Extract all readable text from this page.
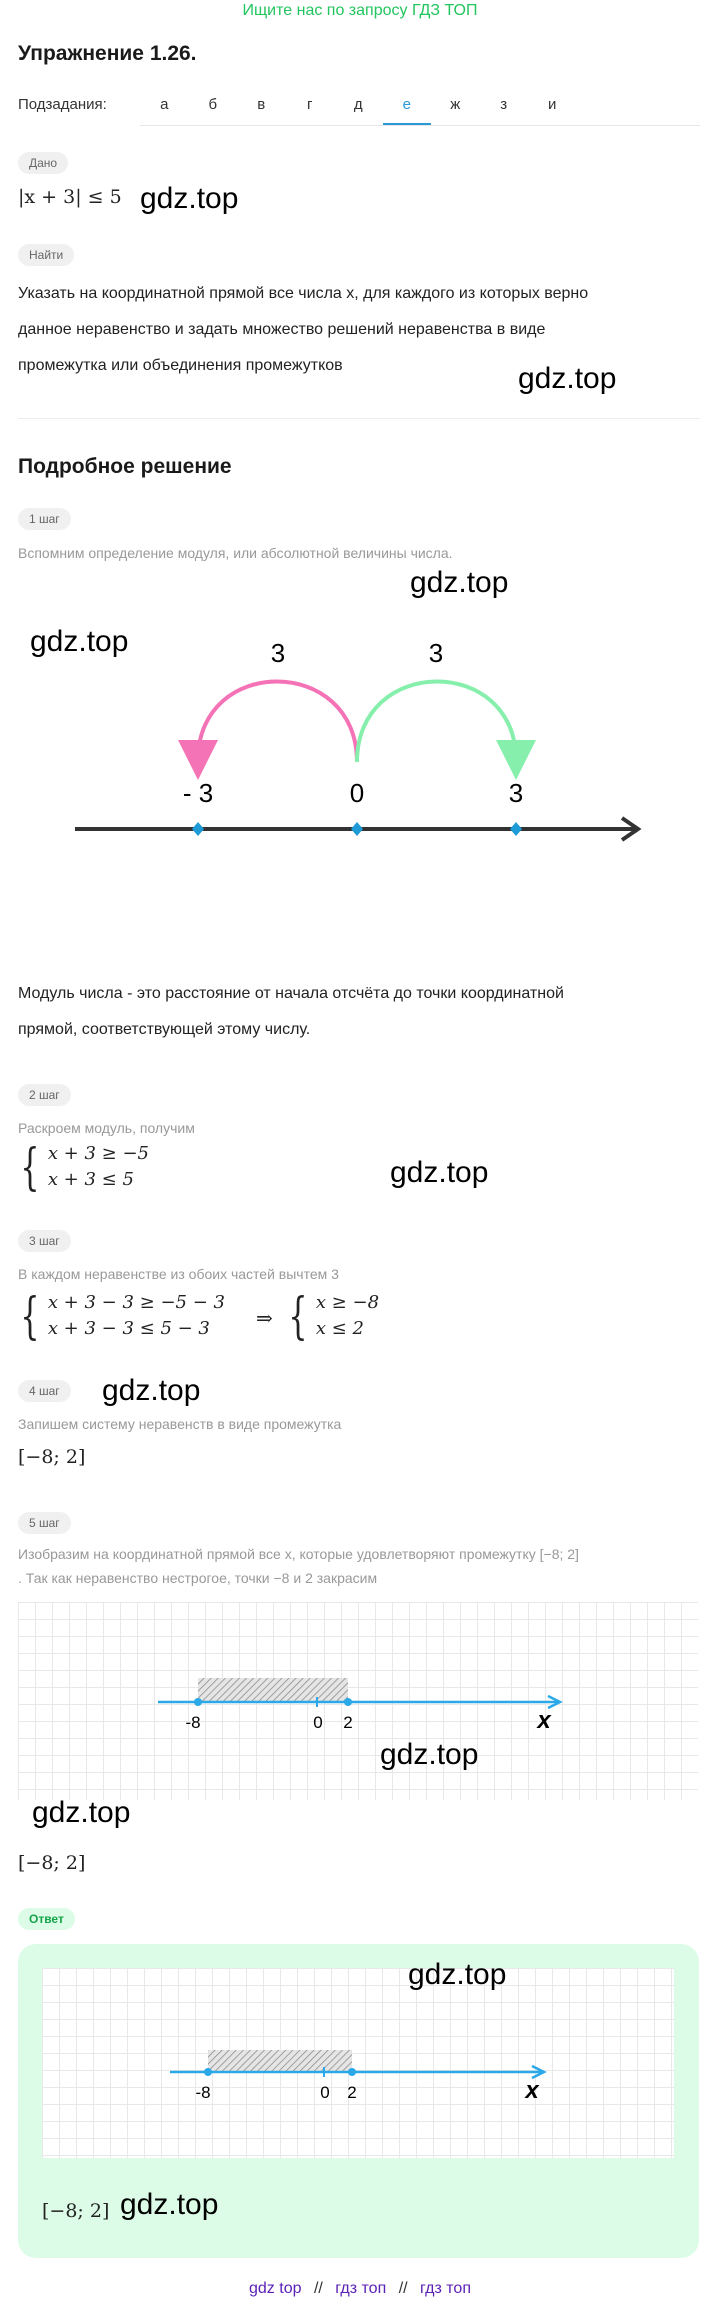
Ищите нас по запросу ГДЗ ТОП
Упражнение 1.26.
Подзадания:	а	б	в	г	д	е	ж	з	и
Дано
|x + 3| ≤ 5 gdz.top
Найти
Указать на координатной прямой все числа x, для каждого из которых верно
данное неравенство и задать множество решений неравенства в виде
промежутка или объединения промежутков	gdz.top
Подробное решение
1 шаг
Вспомним определение модуля, или абсолютной величины числа.
gdz.top
gdz.top	3	3
- 3	0	3
Модуль числа - это расстояние от начала отсчёта до точки координатной
прямой, соответствующей этому числу.
2 шаг
Раскроем модуль, получим
{ x + 3 ≥ −5
x + 3 ≤ 5	gdz.top
3 шаг
В каждом неравенстве из обоих частей вычтем 3
{ x + 3 − 3 ≥ −5 − 3
x + 3 − 3 ≤ 5 − 3	⇒ { x ≥ −8
x ≤ 2
4 шаг	gdz.top
Запишем систему неравенств в виде промежутка
[−8; 2]
5 шаг
Изобразим на координатной прямой все x, которые удовлетворяют промежутку [−8; 2]
. Так как неравенство нестрогое, точки −8 и 2 закрасим
-8	0 2	x
gdz.top
gdz.top
[−8; 2]
Ответ
-8	0 2	x
gdz.top
[−8; 2] gdz.top
gdz top // гдз топ // гдз топ
